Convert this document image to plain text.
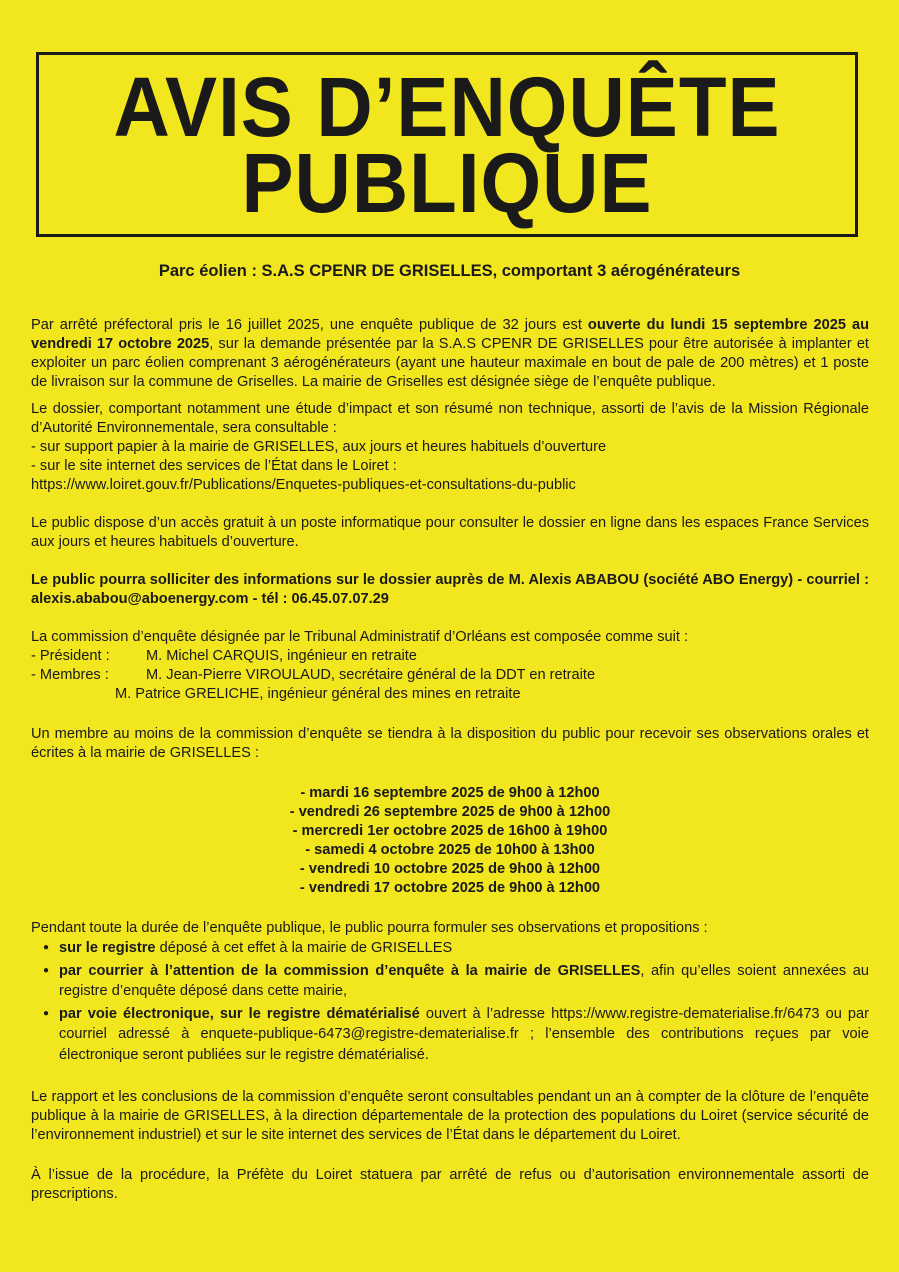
AVIS D’ENQUÊTE
PUBLIQUE
Parc éolien : S.A.S CPENR DE GRISELLES, comportant 3 aérogénérateurs

Par arrêté préfectoral pris le 16 juillet 2025, une enquête publique de 32 jours est ouverte du lundi 15 septembre 2025 au vendredi 17 octobre 2025, sur la demande présentée par la S.A.S CPENR DE GRISELLES pour être autorisée à implanter et exploiter un parc éolien comprenant 3 aérogénérateurs (ayant une hauteur maximale en bout de pale de 200 mètres) et 1 poste de livraison sur la commune de Griselles. La mairie de Griselles est désignée siège de l’enquête publique.

Le dossier, comportant notamment une étude d’impact et son résumé non technique, assorti de l’avis de la Mission Régionale d’Autorité Environnementale, sera consultable :

- sur support papier à la mairie de GRISELLES, aux jours et heures habituels d’ouverture

- sur le site internet des services de l’État dans le Loiret :

https://www.loiret.gouv.fr/Publications/Enquetes-publiques-et-consultations-du-public

Le public dispose d’un accès gratuit à un poste informatique pour consulter le dossier en ligne dans les espaces France Services aux jours et heures habituels d’ouverture.

Le public pourra solliciter des informations sur le dossier auprès de M. Alexis ABABOU (société ABO Energy) - courriel : alexis.ababou@aboenergy.com - tél : 06.45.07.07.29

La commission d’enquête désignée par le Tribunal Administratif d’Orléans est composée comme suit :

- Président :	M. Michel CARQUIS, ingénieur en retraite
- Membres :	M. Jean-Pierre VIROULAUD, secrétaire général de la DDT en retraite
M. Patrice GRELICHE, ingénieur général des mines en retraite

Un membre au moins de la commission d’enquête se tiendra à la disposition du public pour recevoir ses observations orales et écrites à la mairie de GRISELLES :

- mardi 16 septembre 2025 de 9h00 à 12h00
- vendredi 26 septembre 2025 de 9h00 à 12h00
- mercredi 1er octobre 2025 de 16h00 à 19h00
- samedi 4 octobre 2025 de 10h00 à 13h00
- vendredi 10 octobre 2025 de 9h00 à 12h00
- vendredi 17 octobre 2025 de 9h00 à 12h00

Pendant toute la durée de l’enquête publique, le public pourra formuler ses observations et propositions :

● sur le registre déposé à cet effet à la mairie de GRISELLES
● par courrier à l’attention de la commission d’enquête à la mairie de GRISELLES, afin qu’elles soient annexées au registre d’enquête déposé dans cette mairie,
● par voie électronique, sur le registre dématérialisé ouvert à l’adresse https://www.registre-dematerialise.fr/6473 ou par courriel adressé à enquete-publique-6473@registre-dematerialise.fr ; l’ensemble des contributions reçues par voie électronique seront publiées sur le registre dématérialisé.

Le rapport et les conclusions de la commission d’enquête seront consultables pendant un an à compter de la clôture de l’enquête publique à la mairie de GRISELLES, à la direction départementale de la protection des populations du Loiret (service sécurité de l’environnement industriel) et sur le site internet des services de l’État dans le département du Loiret.

À l’issue de la procédure, la Préfète du Loiret statuera par arrêté de refus ou d’autorisation environnementale assorti de prescriptions.
